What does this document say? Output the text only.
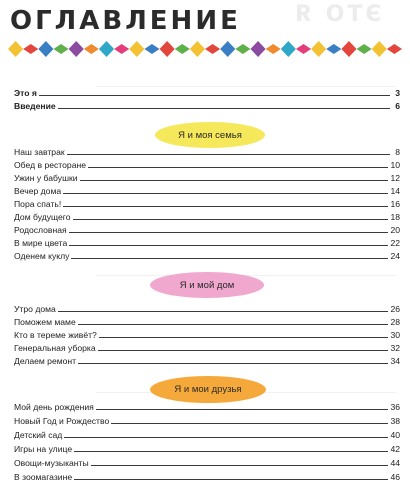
ЭТО Я
ОГЛАВЛЕНИЕ
Это я	3
Введение	6
Я и моя семья
Наш завтрак	8
Обед в ресторане	10
Ужин у бабушки	12
Вечер дома	14
Пора спать!	16
Дом будущего	18
Родословная	20
В мире цвета	22
Оденем куклу	24
Я и мой дом
Утро дома	26
Поможем маме	28
Кто в тереме живёт?	30
Генеральная уборка	32
Делаем ремонт	34
Я и мои друзья
Мой день рождения	36
Новый Год и Рождество	38
Детский сад	40
Игры на улице	42
Овощи-музыканты	44
В зоомагазине	46
